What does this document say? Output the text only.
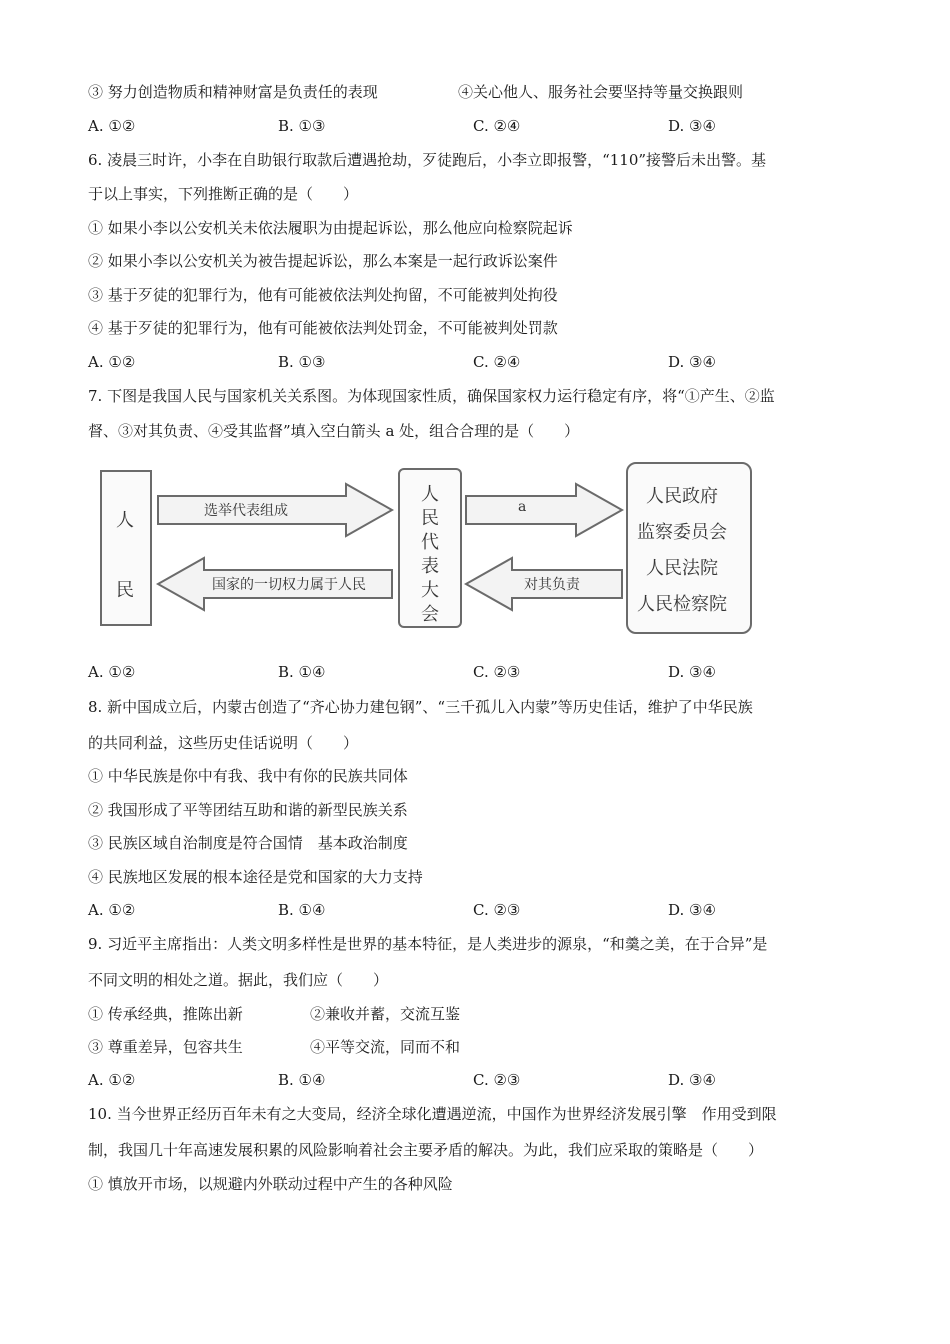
③ 努力创造物质和精神财富是负责任的表现	④关心他人、服务社会要坚持等量交换跟则
A. ①②	B. ①③	C. ②④	D. ③④
6. 凌晨三时许，小李在自助银行取款后遭遇抢劫，歹徒跑后，小李立即报警，“110”接警后未出警。基
于以上事实，下列推断正确的是（　　）
① 如果小李以公安机关未依法履职为由提起诉讼，那么他应向检察院起诉
② 如果小李以公安机关为被告提起诉讼，那么本案是一起行政诉讼案件
③ 基于歹徒的犯罪行为，他有可能被依法判处拘留，不可能被判处拘役
④ 基于歹徒的犯罪行为，他有可能被依法判处罚金，不可能被判处罚款
A. ①②	B. ①③	C. ②④	D. ③④
7. 下图是我国人民与国家机关关系图。为体现国家性质，确保国家权力运行稳定有序，将“①产生、②监
督、③对其负责、④受其监督”填入空白箭头 a 处，组合合理的是（　　）
人
民
人
民
代
表
大
会
人民政府
监察委员会
人民法院
人民检察院
选举代表组成	a
国家的一切权力属于人民	对其负责
A. ①②	B. ①④	C. ②③	D. ③④
8. 新中国成立后，内蒙古创造了“齐心协力建包钢”、“三千孤儿入内蒙”等历史佳话，维护了中华民族
的共同利益，这些历史佳话说明（　　）
① 中华民族是你中有我、我中有你的民族共同体
② 我国形成了平等团结互助和谐的新型民族关系
③ 民族区域自治制度是符合国情　基本政治制度
④ 民族地区发展的根本途径是党和国家的大力支持
A. ①②	B. ①④	C. ②③	D. ③④
9. 习近平主席指出：人类文明多样性是世界的基本特征，是人类进步的源泉，“和羹之美，在于合异”是
不同文明的相处之道。据此，我们应（　　）
① 传承经典，推陈出新	②兼收并蓄，交流互鉴
③ 尊重差异，包容共生	④平等交流，同而不和
A. ①②	B. ①④	C. ②③	D. ③④
10. 当今世界正经历百年未有之大变局，经济全球化遭遇逆流，中国作为世界经济发展引擎　作用受到限
制，我国几十年高速发展积累的风险影响着社会主要矛盾的解决。为此，我们应采取的策略是（　　）
① 慎放开市场，以规避内外联动过程中产生的各种风险
